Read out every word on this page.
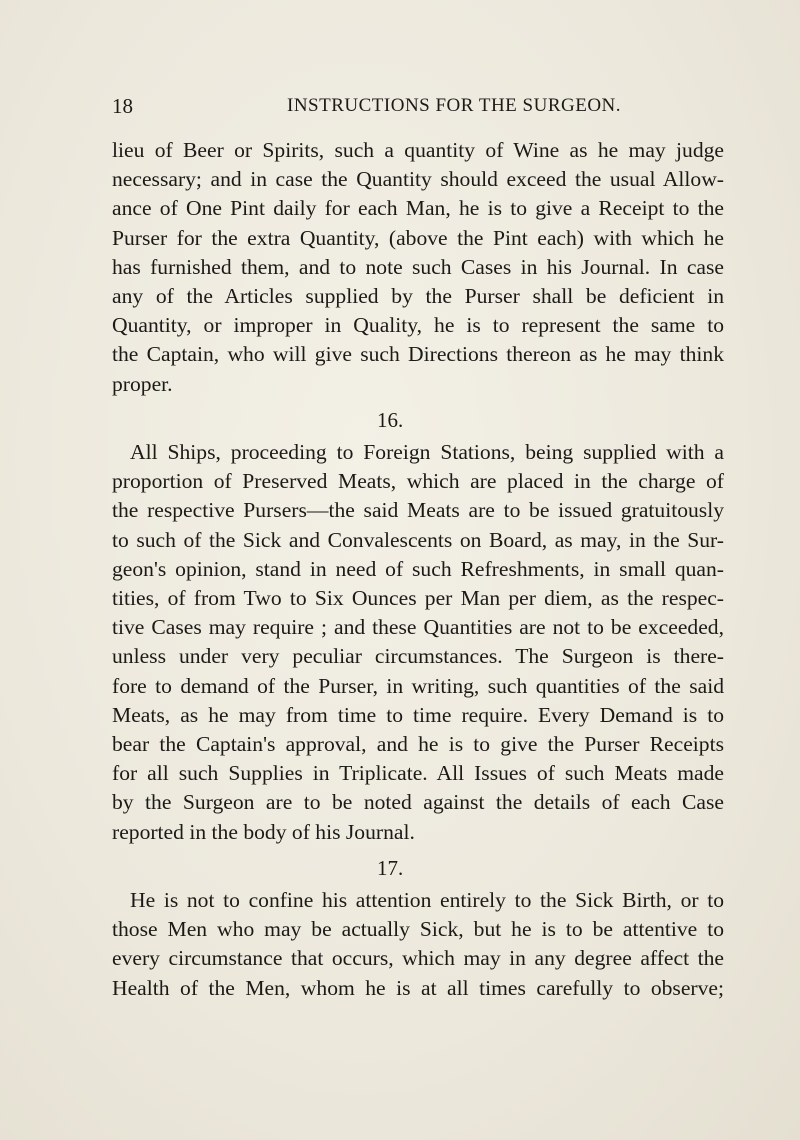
18	INSTRUCTIONS FOR THE SURGEON.
lieu of Beer or Spirits, such a quantity of Wine as he may judge
necessary; and in case the Quantity should exceed the usual Allow-
ance of One Pint daily for each Man, he is to give a Receipt to the
Purser for the extra Quantity, (above the Pint each) with which he
has furnished them, and to note such Cases in his Journal. In case
any of the Articles supplied by the Purser shall be deficient in
Quantity, or improper in Quality, he is to represent the same to
the Captain, who will give such Directions thereon as he may think
proper.
16.
All Ships, proceeding to Foreign Stations, being supplied with a
proportion of Preserved Meats, which are placed in the charge of
the respective Pursers—the said Meats are to be issued gratuitously
to such of the Sick and Convalescents on Board, as may, in the Sur-
geon's opinion, stand in need of such Refreshments, in small quan-
tities, of from Two to Six Ounces per Man per diem, as the respec-
tive Cases may require ; and these Quantities are not to be exceeded,
unless under very peculiar circumstances. The Surgeon is there-
fore to demand of the Purser, in writing, such quantities of the said
Meats, as he may from time to time require. Every Demand is to
bear the Captain's approval, and he is to give the Purser Receipts
for all such Supplies in Triplicate. All Issues of such Meats made
by the Surgeon are to be noted against the details of each Case
reported in the body of his Journal.
17.
He is not to confine his attention entirely to the Sick Birth, or to
those Men who may be actually Sick, but he is to be attentive to
every circumstance that occurs, which may in any degree affect the
Health of the Men, whom he is at all times carefully to observe;
